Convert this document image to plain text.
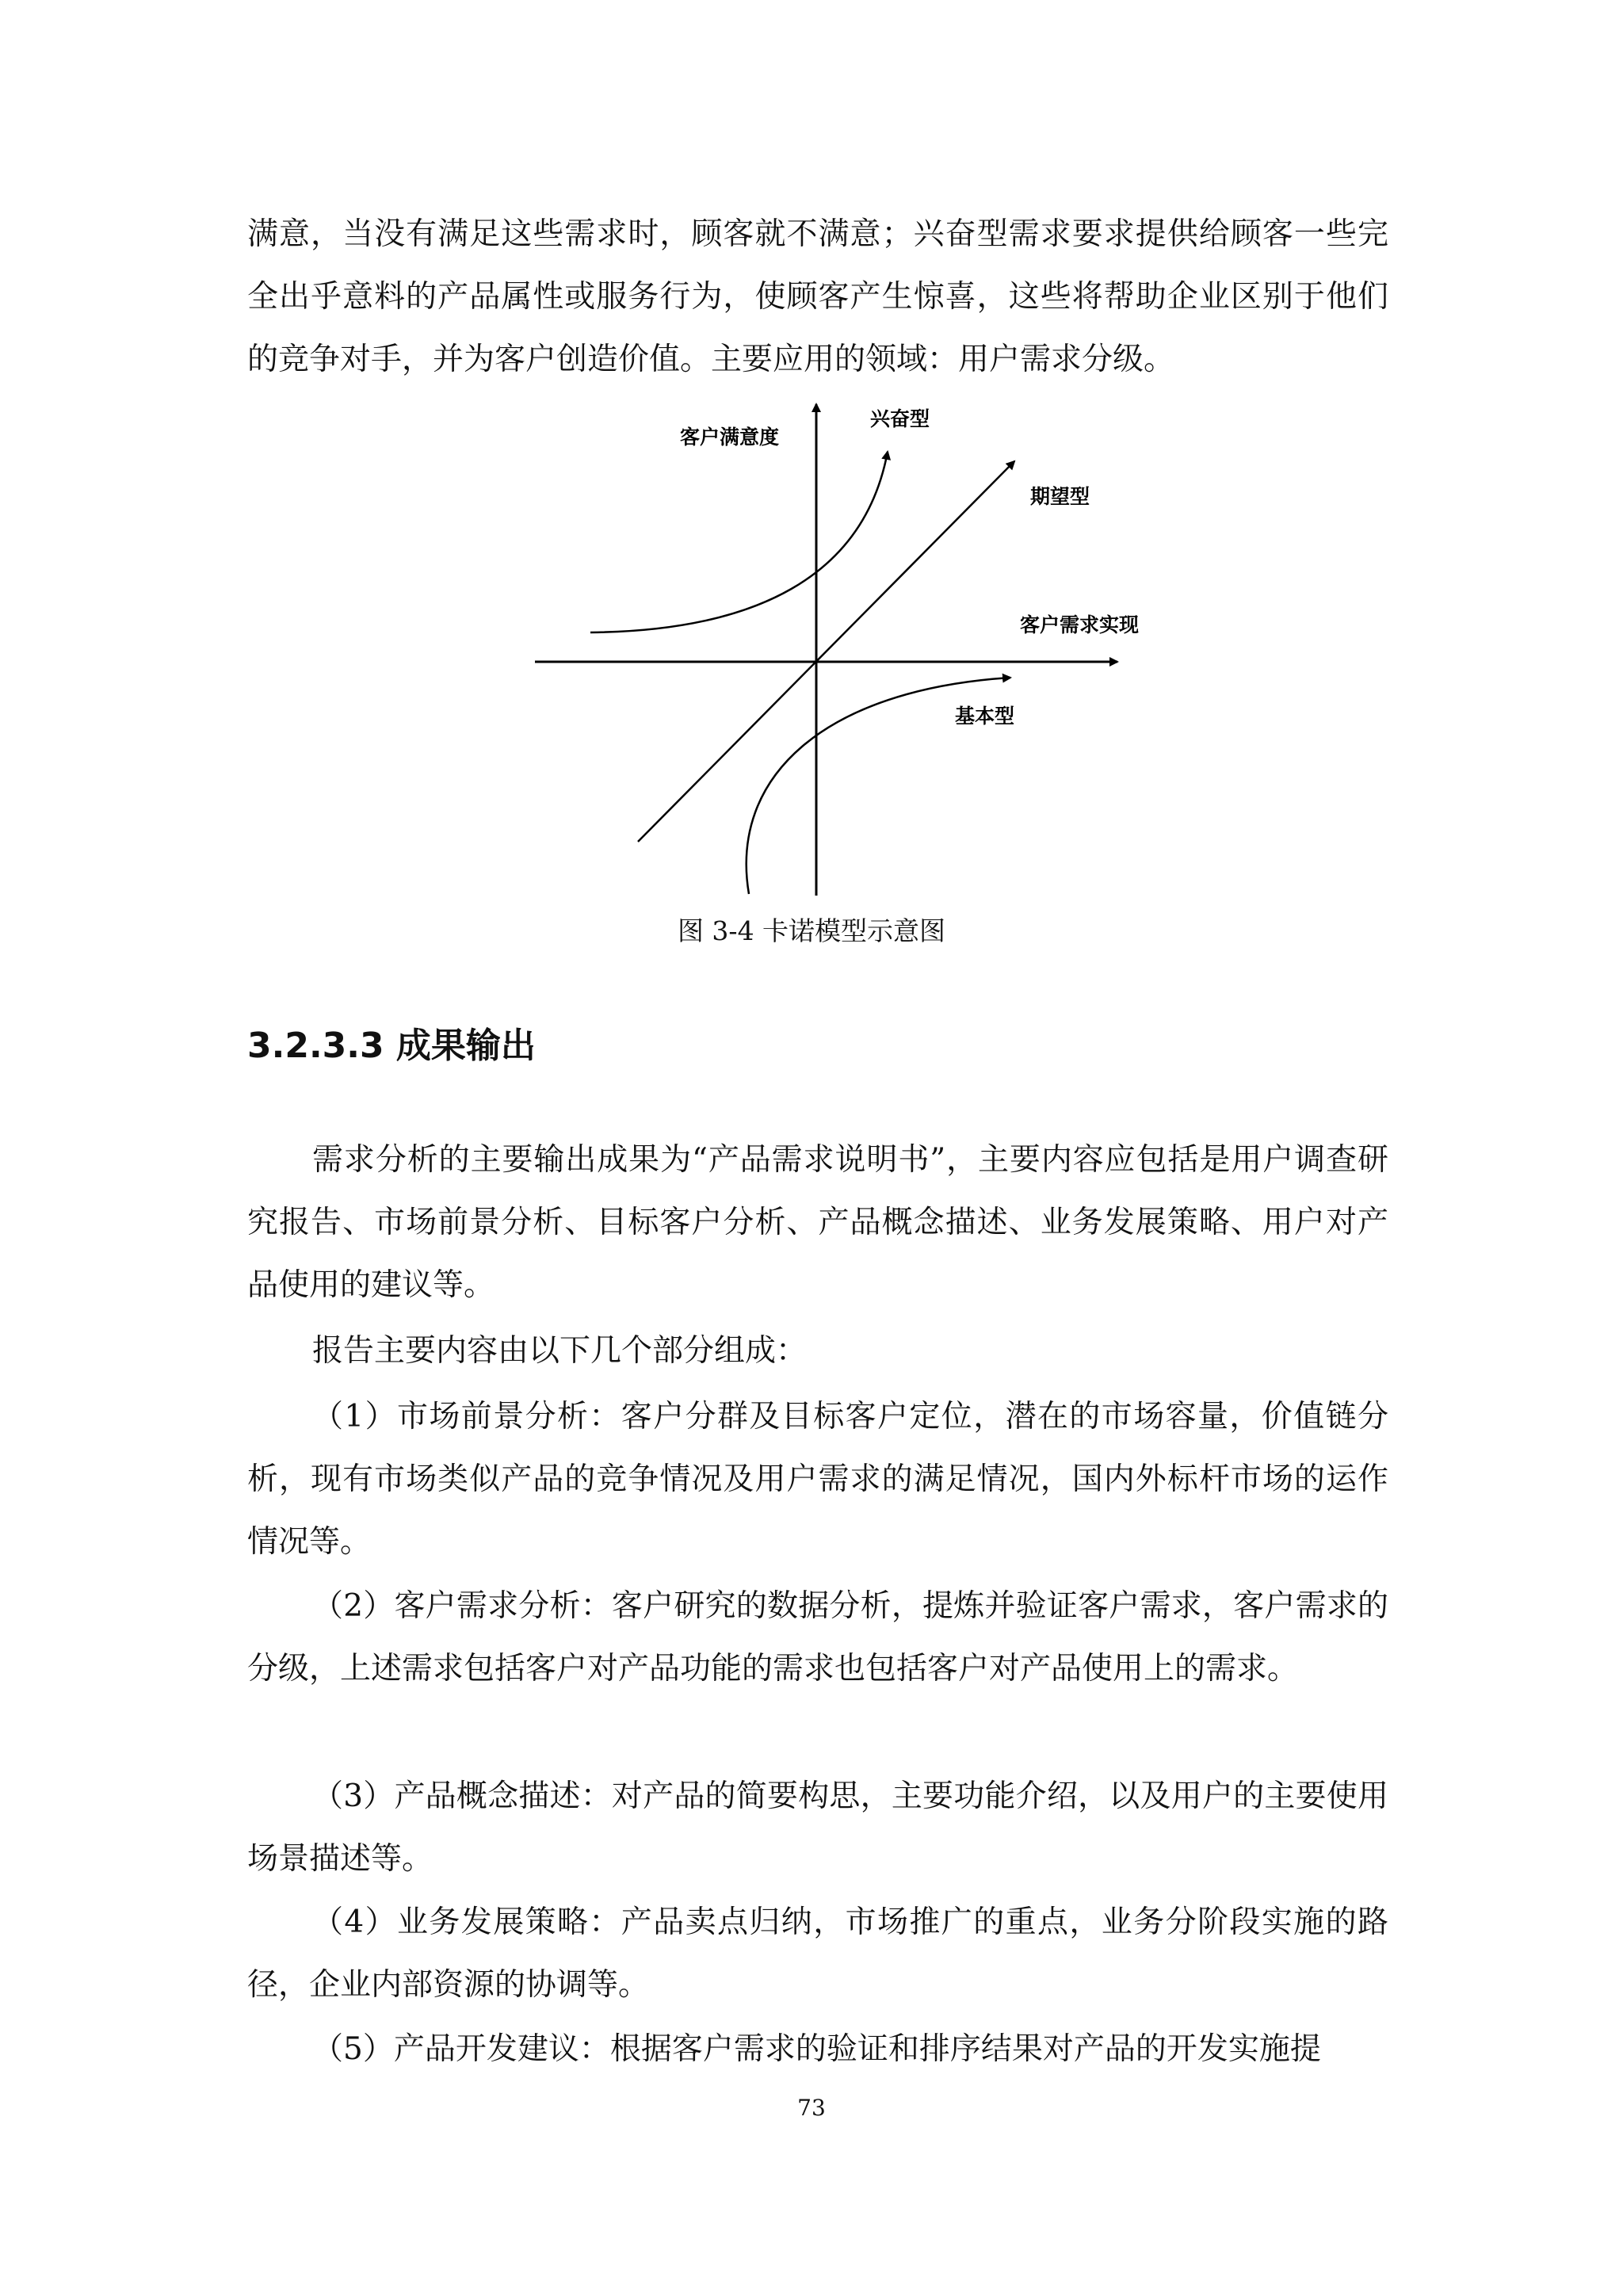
满意，当没有满足这些需求时，顾客就不满意；兴奋型需求要求提供给顾客一些完全出乎意料的产品属性或服务行为，使顾客产生惊喜，这些将帮助企业区别于他们的竞争对手，并为客户创造价值。主要应用的领域：用户需求分级。

客户满意度
兴奋型
期望型
客户需求实现
基本型
图 3-4 卡诺模型示意图
3.2.3.3 成果输出

需求分析的主要输出成果为“产品需求说明书”，主要内容应包括是用户调查研究报告、市场前景分析、目标客户分析、产品概念描述、业务发展策略、用户对产品使用的建议等。

报告主要内容由以下几个部分组成：

（1）市场前景分析：客户分群及目标客户定位，潜在的市场容量，价值链分析，现有市场类似产品的竞争情况及用户需求的满足情况，国内外标杆市场的运作情况等。

（2）客户需求分析：客户研究的数据分析，提炼并验证客户需求，客户需求的分级，上述需求包括客户对产品功能的需求也包括客户对产品使用上的需求。

（3）产品概念描述：对产品的简要构思，主要功能介绍，以及用户的主要使用场景描述等。

（4）业务发展策略：产品卖点归纳，市场推广的重点，业务分阶段实施的路径，企业内部资源的协调等。

（5）产品开发建议：根据客户需求的验证和排序结果对产品的开发实施提

73
